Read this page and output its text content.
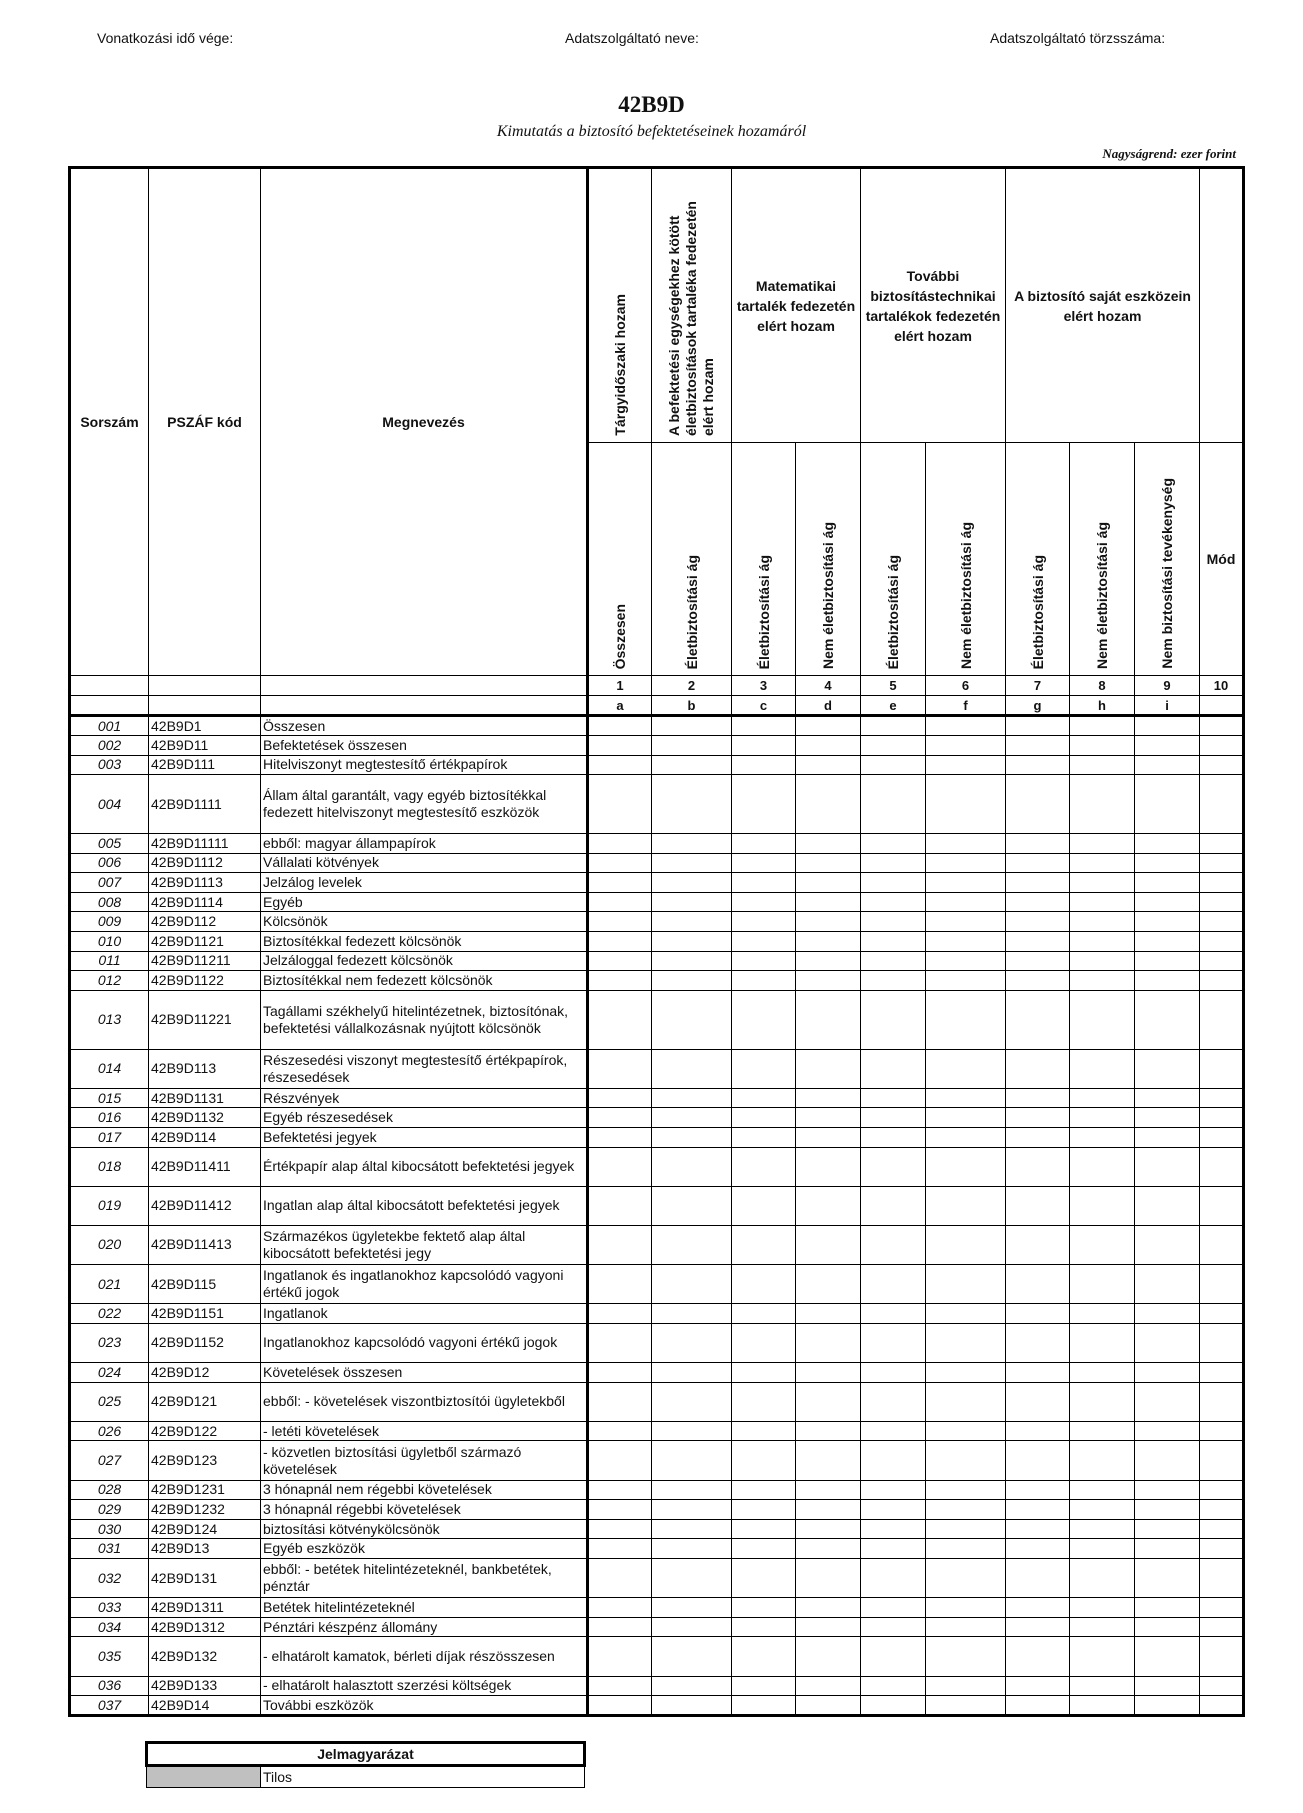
Vonatkozási idő vége:	Adatszolgáltató neve:	Adatszolgáltató törzsszáma:
42B9D
Kimutatás a biztosító befektetéseinek hozamáról
Nagyságrend: ezer forint
Sorszám	PSZÁF kód	Megnevezés	Tárgyidőszaki hozam	A befektetési egységekhez kötött életbiztosítások tartaléka fedezetén elért hozam	Matematikai tartalék fedezetén elért hozam		További biztosítástechnikai tartalékok fedezetén elért hozam		A biztosító saját eszközein elért hozam			

			Összesen	Életbiztosítási ág	Életbiztosítási ág	Nem életbiztosítási ág	Életbiztosítási ág	Nem életbiztosítási ág	Életbiztosítási ág	Nem életbiztosítási ág	Nem biztosítási tevékenység	Mód
			1	2	3	4	5	6	7	8	9	10
			a	b	c	d	e	f	g	h	i	
001	42B9D1	Összesen										
002	42B9D11	Befektetések összesen										
003	42B9D111	Hitelviszonyt megtestesítő értékpapírok										
004	42B9D1111	Állam által garantált, vagy egyéb biztosítékkal fedezett hitelviszonyt megtestesítő eszközök										
005	42B9D11111	ebből: magyar állampapírok										
006	42B9D1112	Vállalati kötvények										
007	42B9D1113	Jelzálog levelek										
008	42B9D1114	Egyéb										
009	42B9D112	Kölcsönök										
010	42B9D1121	Biztosítékkal fedezett kölcsönök										
011	42B9D11211	Jelzáloggal fedezett kölcsönök										
012	42B9D1122	Biztosítékkal nem fedezett kölcsönök										
013	42B9D11221	Tagállami székhelyű hitelintézetnek, biztosítónak, befektetési vállalkozásnak nyújtott kölcsönök										
014	42B9D113	Részesedési viszonyt megtestesítő értékpapírok, részesedések										
015	42B9D1131	Részvények										
016	42B9D1132	Egyéb részesedések										
017	42B9D114	Befektetési jegyek										
018	42B9D11411	Értékpapír alap által kibocsátott befektetési jegyek										
019	42B9D11412	Ingatlan alap által kibocsátott befektetési jegyek										
020	42B9D11413	Származékos ügyletekbe fektető alap által kibocsátott befektetési jegy										
021	42B9D115	Ingatlanok és ingatlanokhoz kapcsolódó vagyoni értékű jogok										
022	42B9D1151	Ingatlanok										
023	42B9D1152	Ingatlanokhoz kapcsolódó vagyoni értékű jogok										
024	42B9D12	Követelések összesen										
025	42B9D121	ebből: - követelések viszontbiztosítói ügyletekből										
026	42B9D122	- letéti követelések										
027	42B9D123	- közvetlen biztosítási ügyletből származó követelések										
028	42B9D1231	3 hónapnál nem régebbi követelések										
029	42B9D1232	3 hónapnál régebbi követelések										
030	42B9D124	biztosítási kötvénykölcsönök										
031	42B9D13	Egyéb eszközök										
032	42B9D131	ebből: - betétek hitelintézeteknél, bankbetétek, pénztár										
033	42B9D1311	Betétek hitelintézeteknél										
034	42B9D1312	Pénztári készpénz állomány										
035	42B9D132	- elhatárolt kamatok, bérleti díjak részösszesen										
036	42B9D133	- elhatárolt halasztott szerzési költségek										
037	42B9D14	További eszközök										
Jelmagyarázat
	Tilos
